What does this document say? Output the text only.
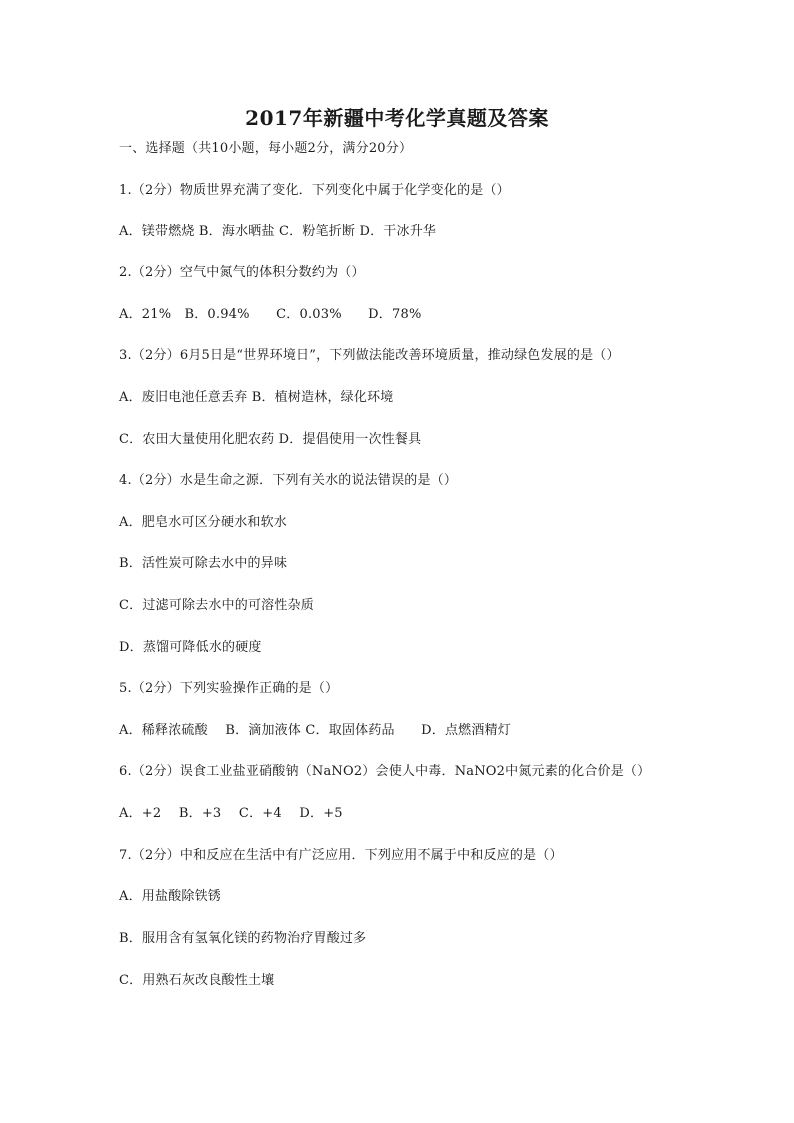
2017年新疆中考化学真题及答案
一、选择题（共10小题，每小题2分，满分20分）
1.（2分）物质世界充满了变化．下列变化中属于化学变化的是（）
A．镁带燃烧 B．海水晒盐 C．粉笔折断 D．干冰升华
2.（2分）空气中氮气的体积分数约为（）
A．21%　B．0.94%　　C．0.03%　　D．78%
3.（2分）6月5日是“世界环境日”，下列做法能改善环境质量，推动绿色发展的是（）
A．废旧电池任意丢弃 B．植树造林，绿化环境
C．农田大量使用化肥农药 D．提倡使用一次性餐具
4.（2分）水是生命之源．下列有关水的说法错误的是（）
A．肥皂水可区分硬水和软水
B．活性炭可除去水中的异味
C．过滤可除去水中的可溶性杂质
D．蒸馏可降低水的硬度
5.（2分）下列实验操作正确的是（）
A．稀释浓硫酸　 B．滴加液体 C．取固体药品　　D．点燃酒精灯
6.（2分）误食工业盐亚硝酸钠（NaNO2）会使人中毒．NaNO2中氮元素的化合价是（）
A．+2　 B．+3　 C．+4　 D．+5
7.（2分）中和反应在生活中有广泛应用．下列应用不属于中和反应的是（）
A．用盐酸除铁锈
B．服用含有氢氧化镁的药物治疗胃酸过多
C．用熟石灰改良酸性土壤
